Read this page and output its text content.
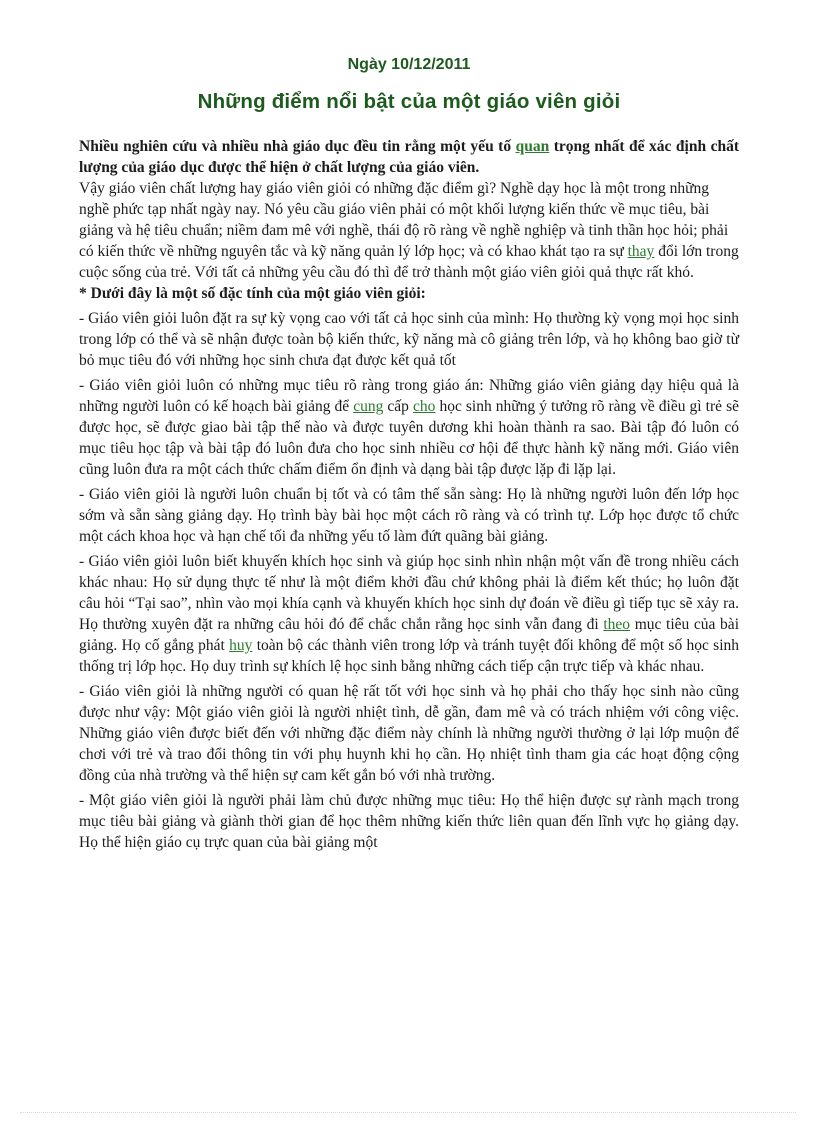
Ngày 10/12/2011
Những điểm nổi bật của một giáo viên giỏi

Nhiều nghiên cứu và nhiều nhà giáo dục đều tin rằng một yếu tố quan trọng nhất để xác định chất lượng của giáo dục được thể hiện ở chất lượng của giáo viên.

Vậy giáo viên chất lượng hay giáo viên giỏi có những đặc điểm gì? Nghề dạy học là một trong những nghề phức tạp nhất ngày nay. Nó yêu cầu giáo viên phải có một khối lượng kiến thức về mục tiêu, bài giảng và hệ tiêu chuẩn; niềm đam mê với nghề, thái độ rõ ràng về nghề nghiệp và tinh thần học hỏi; phải có kiến thức về những nguyên tắc và kỹ năng quản lý lớp học; và có khao khát tạo ra sự thay đổi lớn trong cuộc sống của trẻ. Với tất cả những yêu cầu đó thì để trở thành một giáo viên giỏi quả thực rất khó.

* Dưới đây là một số đặc tính của một giáo viên giỏi:

- Giáo viên giỏi luôn đặt ra sự kỳ vọng cao với tất cả học sinh của mình: Họ thường kỳ vọng mọi học sinh trong lớp có thể và sẽ nhận được toàn bộ kiến thức, kỹ năng mà cô giảng trên lớp, và họ không bao giờ từ bỏ mục tiêu đó với những học sinh chưa đạt được kết quả tốt

- Giáo viên giỏi luôn có những mục tiêu rõ ràng trong giáo án: Những giáo viên giảng dạy hiệu quả là những người luôn có kế hoạch bài giảng để cung cấp cho học sinh những ý tưởng rõ ràng về điều gì trẻ sẽ được học, sẽ được giao bài tập thế nào và được tuyên dương khi hoàn thành ra sao. Bài tập đó luôn có mục tiêu học tập và bài tập đó luôn đưa cho học sinh nhiều cơ hội để thực hành kỹ năng mới. Giáo viên cũng luôn đưa ra một cách thức chấm điểm ổn định và dạng bài tập được lặp đi lặp lại.

- Giáo viên giỏi là người luôn chuẩn bị tốt và có tâm thế sẵn sàng: Họ là những người luôn đến lớp học sớm và sẵn sàng giảng dạy. Họ trình bày bài học một cách rõ ràng và có trình tự. Lớp học được tổ chức một cách khoa học và hạn chế tối đa những yếu tố làm đứt quãng bài giảng.

- Giáo viên giỏi luôn biết khuyến khích học sinh và giúp học sinh nhìn nhận một vấn đề trong nhiều cách khác nhau: Họ sử dụng thực tế như là một điểm khởi đầu chứ không phải là điểm kết thúc; họ luôn đặt câu hỏi “Tại sao”, nhìn vào mọi khía cạnh và khuyến khích học sinh dự đoán về điều gì tiếp tục sẽ xảy ra. Họ thường xuyên đặt ra những câu hỏi đó để chắc chắn rằng học sinh vẫn đang đi theo mục tiêu của bài giảng. Họ cố gắng phát huy toàn bộ các thành viên trong lớp và tránh tuyệt đối không để một số học sinh thống trị lớp học. Họ duy trình sự khích lệ học sinh bằng những cách tiếp cận trực tiếp và khác nhau.

- Giáo viên giỏi là những người có quan hệ rất tốt với học sinh và họ phải cho thấy học sinh nào cũng được như vậy: Một giáo viên giỏi là người nhiệt tình, dễ gần, đam mê và có trách nhiệm với công việc. Những giáo viên được biết đến với những đặc điểm này chính là những người thường ở lại lớp muộn để chơi với trẻ và trao đổi thông tin với phụ huynh khi họ cần. Họ nhiệt tình tham gia các hoạt động cộng đồng của nhà trường và thể hiện sự cam kết gắn bó với nhà trường.

- Một giáo viên giỏi là người phải làm chủ được những mục tiêu: Họ thể hiện được sự rành mạch trong mục tiêu bài giảng và giành thời gian để học thêm những kiến thức liên quan đến lĩnh vực họ giảng dạy. Họ thể hiện giáo cụ trực quan của bài giảng một
